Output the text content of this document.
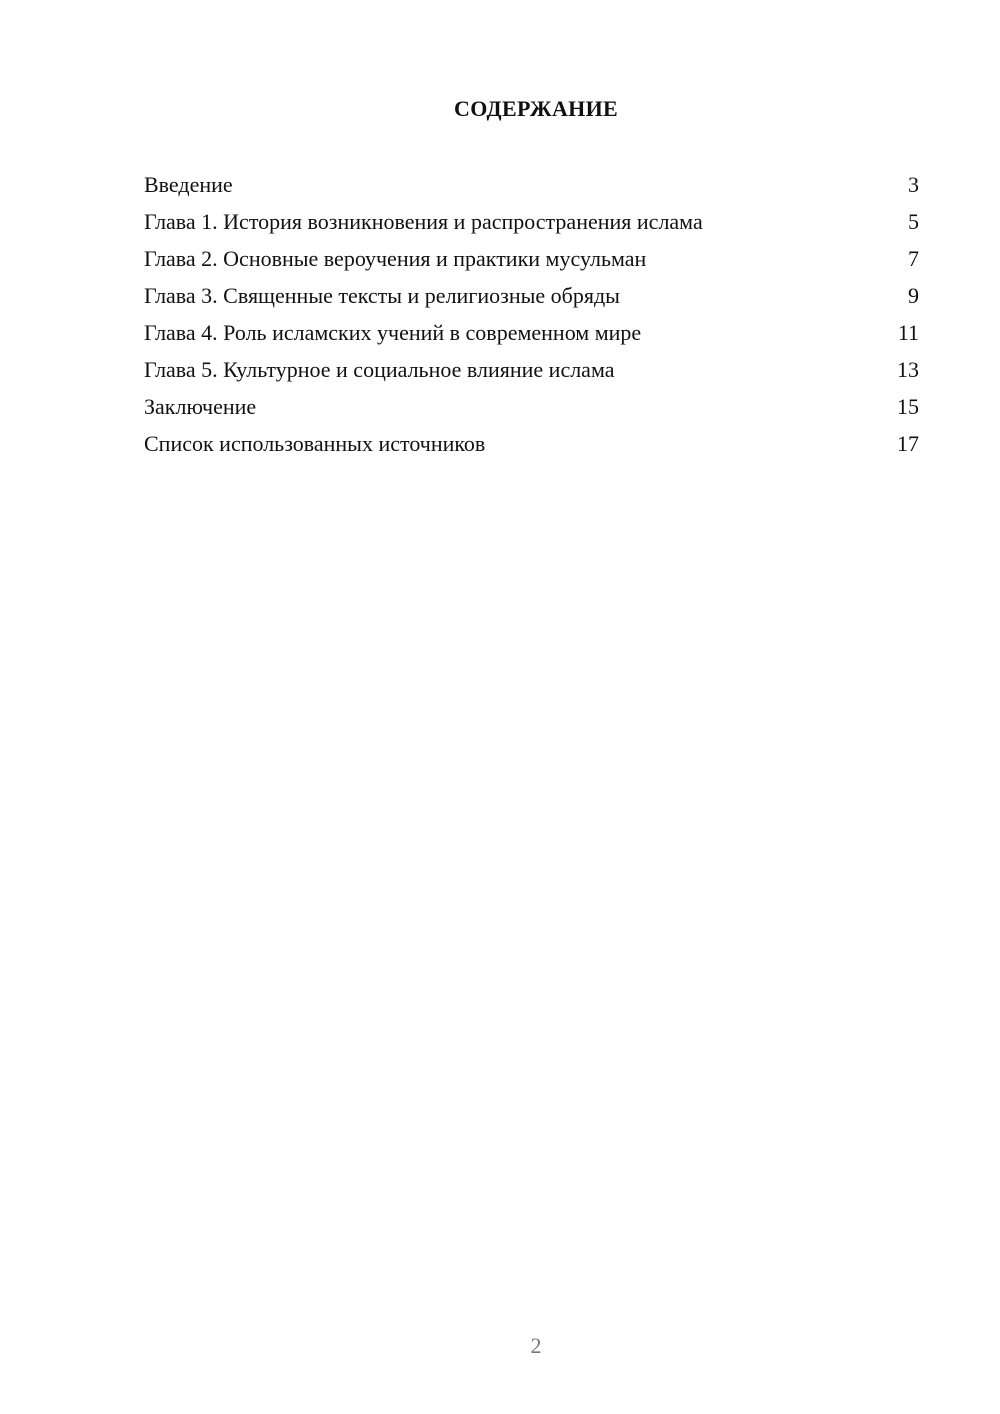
СОДЕРЖАНИЕ
Введение	3
Глава 1. История возникновения и распространения ислама	5
Глава 2. Основные вероучения и практики мусульман	7
Глава 3. Священные тексты и религиозные обряды	9
Глава 4. Роль исламских учений в современном мире	11
Глава 5. Культурное и социальное влияние ислама	13
Заключение	15
Список использованных источников	17
2
